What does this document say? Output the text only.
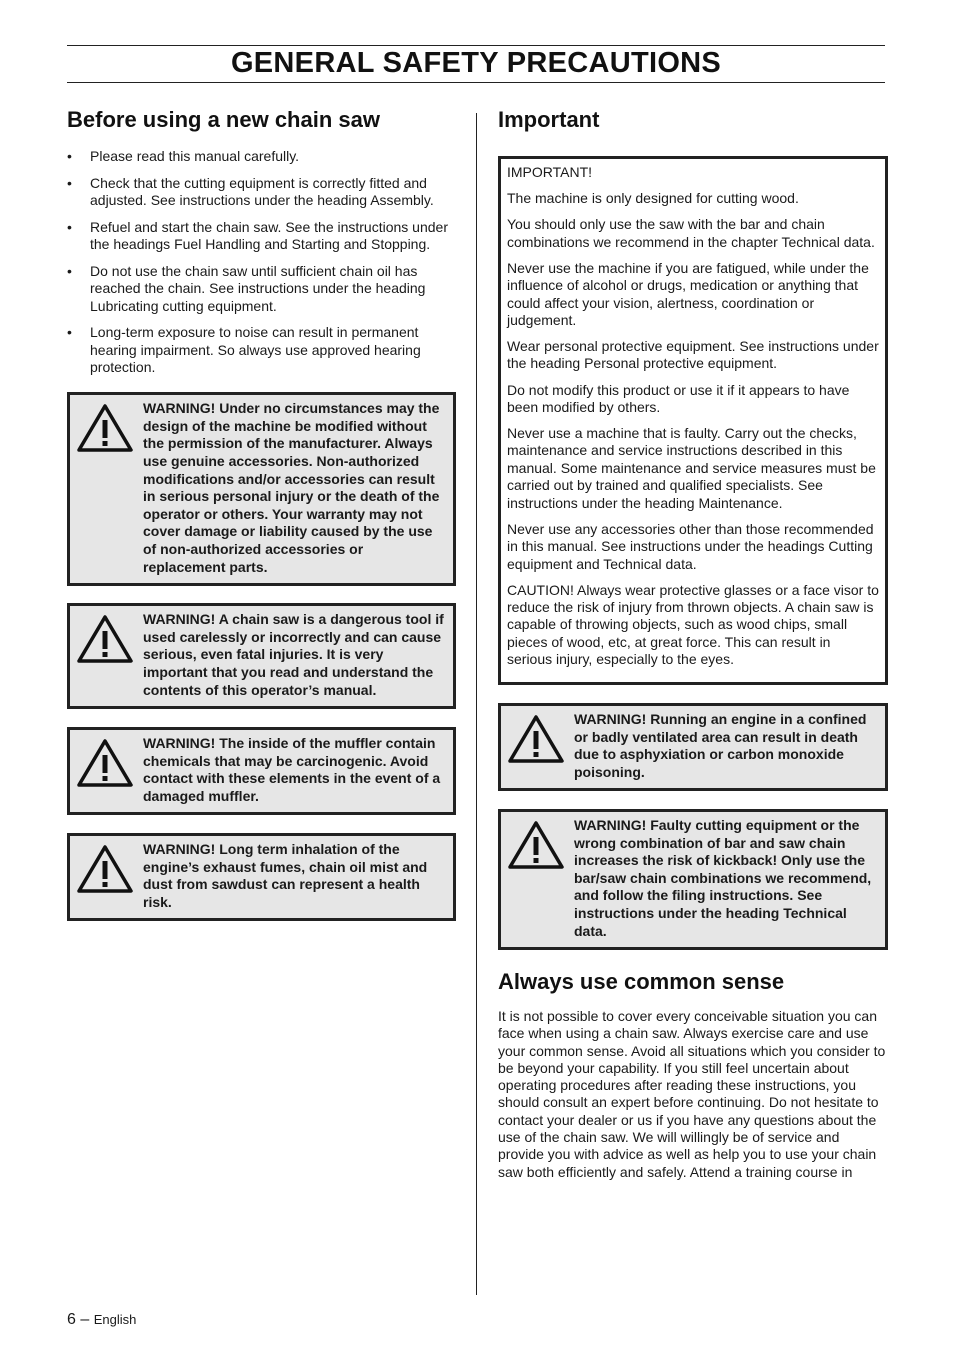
GENERAL SAFETY PRECAUTIONS
Before using a new chain saw
• Please read this manual carefully.
• Check that the cutting equipment is correctly fitted and adjusted. See instructions under the heading Assembly.
• Refuel and start the chain saw. See the instructions under the headings Fuel Handling and Starting and Stopping.
• Do not use the chain saw until sufficient chain oil has reached the chain. See instructions under the heading Lubricating cutting equipment.
• Long-term exposure to noise can result in permanent hearing impairment. So always use approved hearing protection.
WARNING! Under no circumstances may the design of the machine be modified without the permission of the manufacturer. Always use genuine accessories. Non-authorized modifications and/or accessories can result in serious personal injury or the death of the operator or others. Your warranty may not cover damage or liability caused by the use of non-authorized accessories or replacement parts.
WARNING! A chain saw is a dangerous tool if used carelessly or incorrectly and can cause serious, even fatal injuries. It is very important that you read and understand the contents of this operator’s manual.
WARNING! The inside of the muffler contain chemicals that may be carcinogenic. Avoid contact with these elements in the event of a damaged muffler.
WARNING! Long term inhalation of the engine’s exhaust fumes, chain oil mist and dust from sawdust can represent a health risk.
Important

IMPORTANT!

The machine is only designed for cutting wood.

You should only use the saw with the bar and chain combinations we recommend in the chapter Technical data.

Never use the machine if you are fatigued, while under the influence of alcohol or drugs, medication or anything that could affect your vision, alertness, coordination or judgement.

Wear personal protective equipment. See instructions under the heading Personal protective equipment.

Do not modify this product or use it if it appears to have been modified by others.

Never use a machine that is faulty. Carry out the checks, maintenance and service instructions described in this manual. Some maintenance and service measures must be carried out by trained and qualified specialists. See instructions under the heading Maintenance.

Never use any accessories other than those recommended in this manual. See instructions under the headings Cutting equipment and Technical data.

CAUTION! Always wear protective glasses or a face visor to reduce the risk of injury from thrown objects. A chain saw is capable of throwing objects, such as wood chips, small pieces of wood, etc, at great force. This can result in serious injury, especially to the eyes.

WARNING! Running an engine in a confined or badly ventilated area can result in death due to asphyxiation or carbon monoxide poisoning.
WARNING! Faulty cutting equipment or the wrong combination of bar and saw chain increases the risk of kickback! Only use the bar/saw chain combinations we recommend, and follow the filing instructions. See instructions under the heading Technical data.
Always use common sense

It is not possible to cover every conceivable situation you can face when using a chain saw. Always exercise care and use your common sense. Avoid all situations which you consider to be beyond your capability. If you still feel uncertain about operating procedures after reading these instructions, you should consult an expert before continuing. Do not hesitate to contact your dealer or us if you have any questions about the use of the chain saw. We will willingly be of service and provide you with advice as well as help you to use your chain saw both efficiently and safely. Attend a training course in

6 – English
